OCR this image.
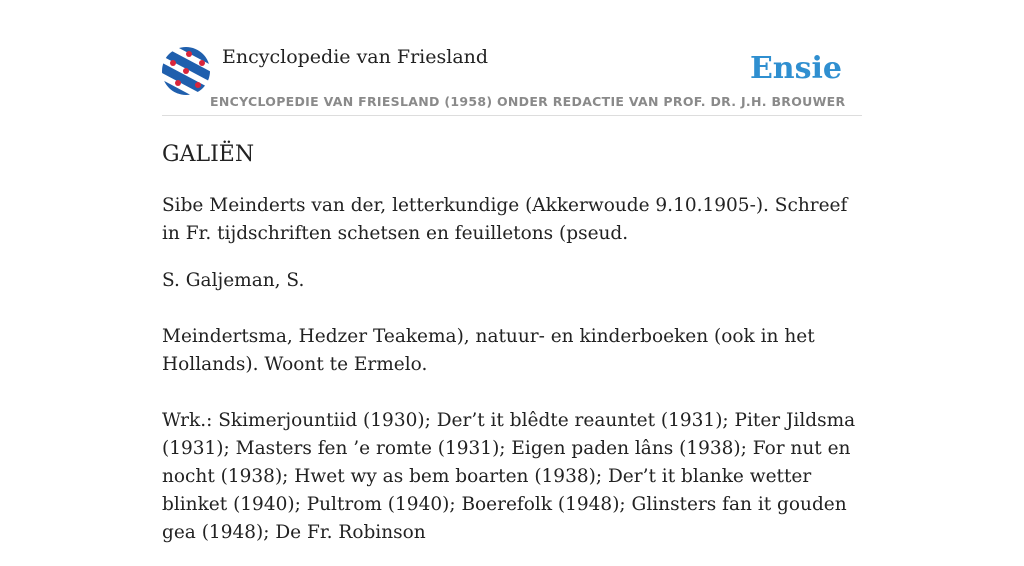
Encyclopedie van Friesland	Ensie
ENCYCLOPEDIE VAN FRIESLAND (1958) ONDER REDACTIE VAN PROF. DR. J.H. BROUWER
GALIËN

Sibe Meinderts van der, letterkundige (Akkerwoude 9.10.1905-). Schreef in Fr. tijdschriften schetsen en feuilletons (pseud.

S. Galjeman, S.

Meindertsma, Hedzer Teakema), natuur- en kinderboeken (ook in het Hollands). Woont te Ermelo.

Wrk.: Skimerjountiid (1930); Der’t it blêdte reauntet (1931); Piter Jildsma (1931); Masters fen ’e romte (1931); Eigen paden lâns (1938); For nut en nocht (1938); Hwet wy as bem boarten (1938); Der’t it blanke wetter blinket (1940); Pultrom (1940); Boerefolk (1948); Glinsters fan it gouden gea (1948); De Fr. Robinson
